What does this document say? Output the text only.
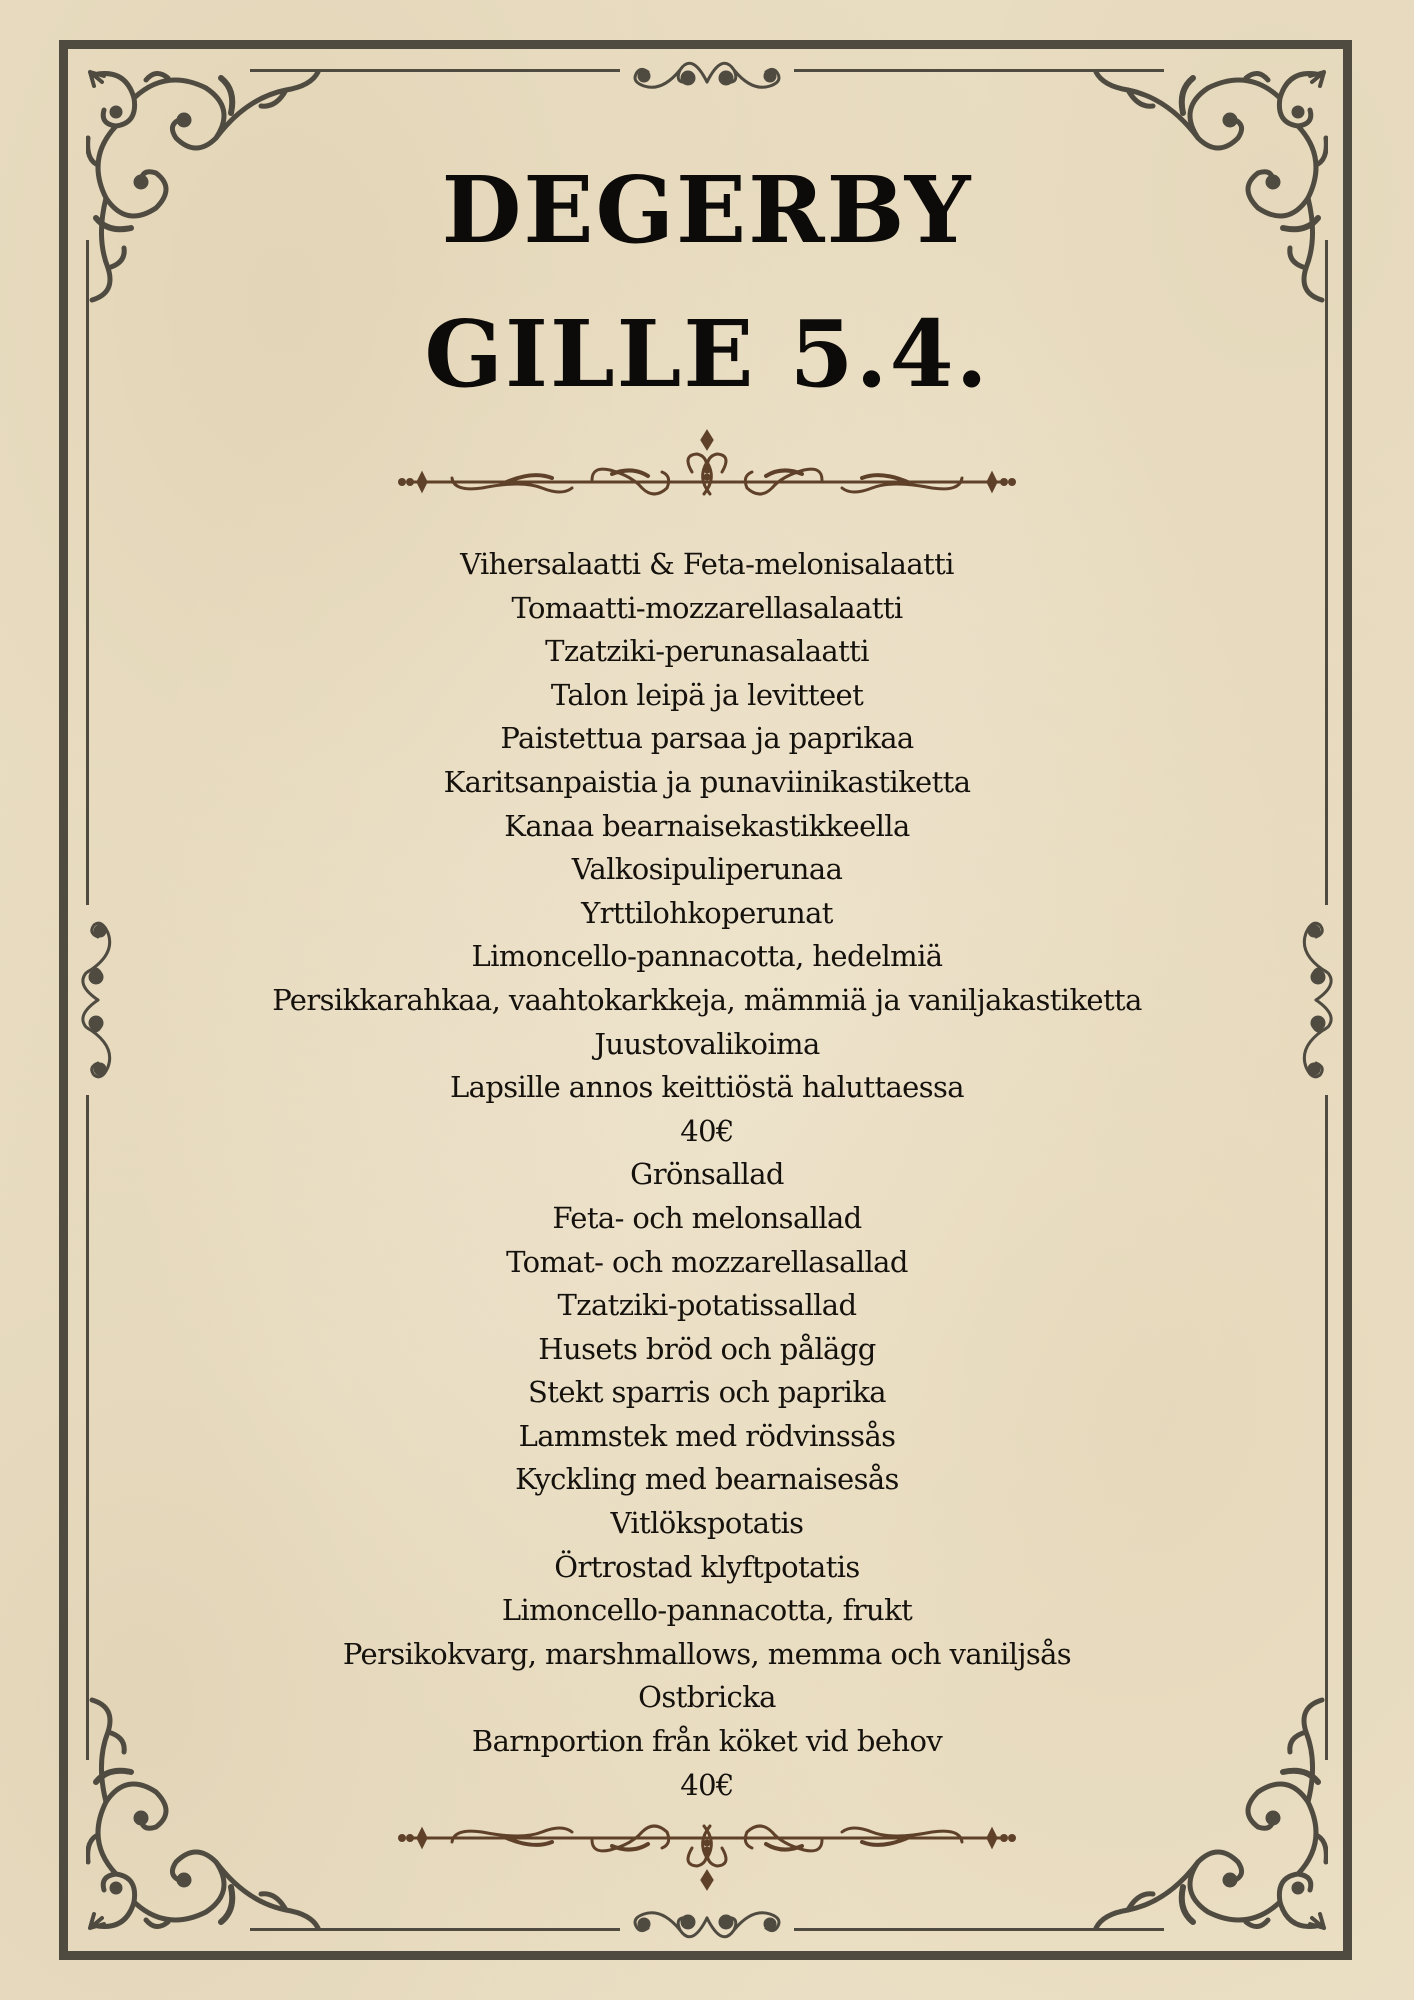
DEGERBY
GILLE 5.4.
Vihersalaatti & Feta-melonisalaatti
Tomaatti-mozzarellasalaatti
Tzatziki-perunasalaatti
Talon leipä ja levitteet
Paistettua parsaa ja paprikaa
Karitsanpaistia ja punaviinikastiketta
Kanaa bearnaisekastikkeella
Valkosipuliperunaa
Yrttilohkoperunat
Limoncello-pannacotta, hedelmiä
Persikkarahkaa, vaahtokarkkeja, mämmiä ja vaniljakastiketta
Juustovalikoima
Lapsille annos keittiöstä haluttaessa
40€
Grönsallad
Feta- och melonsallad
Tomat- och mozzarellasallad
Tzatziki-potatissallad
Husets bröd och pålägg
Stekt sparris och paprika
Lammstek med rödvinssås
Kyckling med bearnaisesås
Vitlökspotatis
Örtrostad klyftpotatis
Limoncello-pannacotta, frukt
Persikokvarg, marshmallows, memma och vaniljsås
Ostbricka
Barnportion från köket vid behov
40€
